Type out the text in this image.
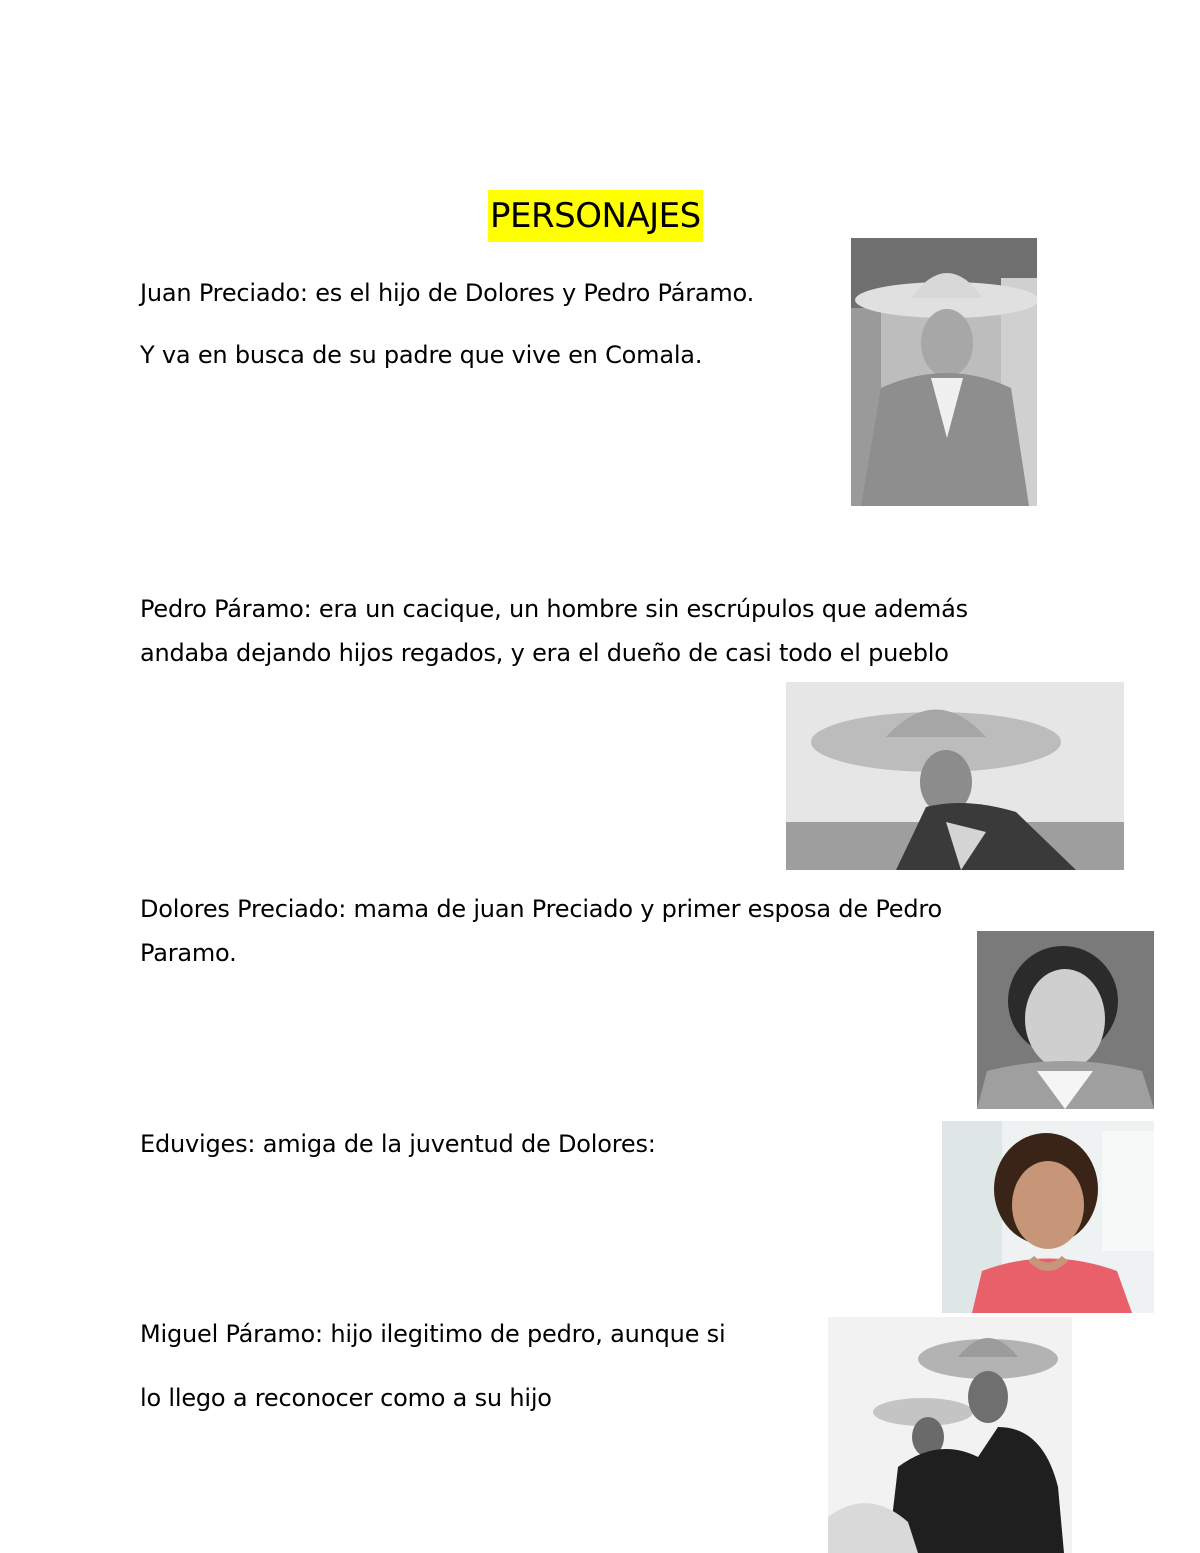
PERSONAJES
Juan Preciado: es el hijo de Dolores y Pedro Páramo.
Y va en busca de su padre que vive en Comala.
Pedro Páramo: era un cacique, un hombre sin escrúpulos que además
andaba dejando hijos regados, y era el dueño de casi todo el pueblo
Dolores Preciado: mama de juan Preciado y primer esposa de Pedro
Paramo.
Eduviges: amiga de la juventud de Dolores:
Miguel Páramo: hijo ilegitimo de pedro, aunque si
lo llego a reconocer como a su hijo
